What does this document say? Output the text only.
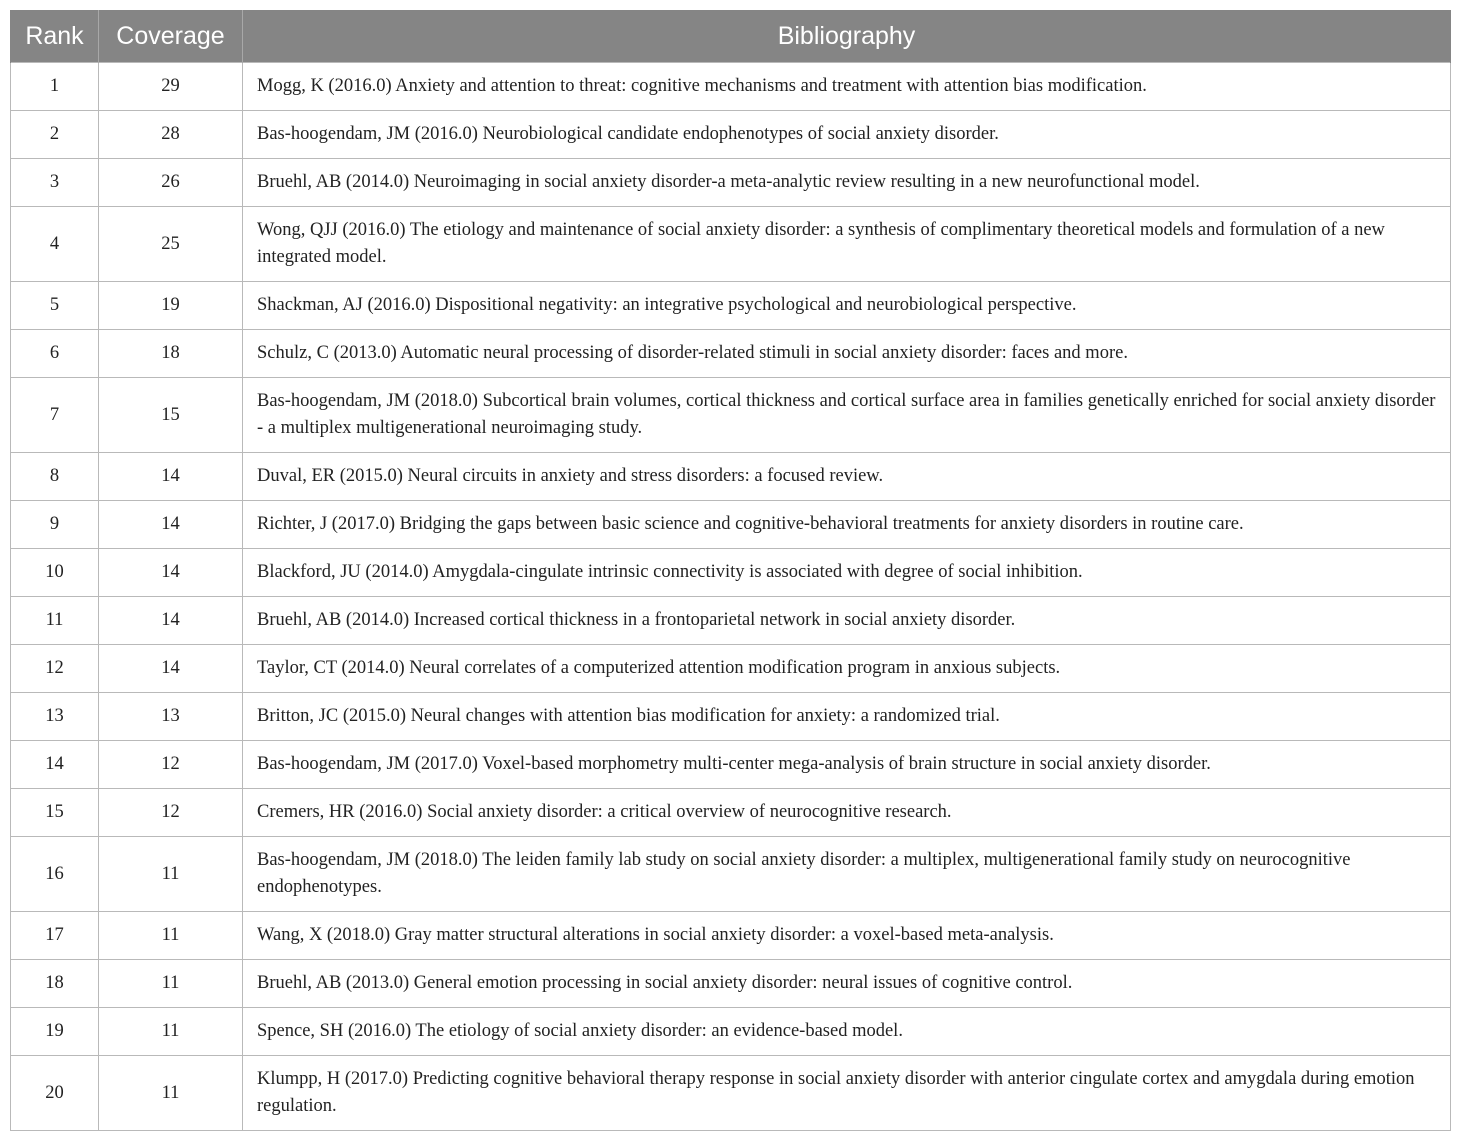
Rank	Coverage	Bibliography
1	29	Mogg, K (2016.0) Anxiety and attention to threat: cognitive mechanisms and treatment with attention bias modification.
2	28	Bas-hoogendam, JM (2016.0) Neurobiological candidate endophenotypes of social anxiety disorder.
3	26	Bruehl, AB (2014.0) Neuroimaging in social anxiety disorder-a meta-analytic review resulting in a new neurofunctional model.
4	25	Wong, QJJ (2016.0) The etiology and maintenance of social anxiety disorder: a synthesis of complimentary theoretical models and formulation of a new integrated model.
5	19	Shackman, AJ (2016.0) Dispositional negativity: an integrative psychological and neurobiological perspective.
6	18	Schulz, C (2013.0) Automatic neural processing of disorder-related stimuli in social anxiety disorder: faces and more.
7	15	Bas-hoogendam, JM (2018.0) Subcortical brain volumes, cortical thickness and cortical surface area in families genetically enriched for social anxiety disorder - a multiplex multigenerational neuroimaging study.
8	14	Duval, ER (2015.0) Neural circuits in anxiety and stress disorders: a focused review.
9	14	Richter, J (2017.0) Bridging the gaps between basic science and cognitive-behavioral treatments for anxiety disorders in routine care.
10	14	Blackford, JU (2014.0) Amygdala-cingulate intrinsic connectivity is associated with degree of social inhibition.
11	14	Bruehl, AB (2014.0) Increased cortical thickness in a frontoparietal network in social anxiety disorder.
12	14	Taylor, CT (2014.0) Neural correlates of a computerized attention modification program in anxious subjects.
13	13	Britton, JC (2015.0) Neural changes with attention bias modification for anxiety: a randomized trial.
14	12	Bas-hoogendam, JM (2017.0) Voxel-based morphometry multi-center mega-analysis of brain structure in social anxiety disorder.
15	12	Cremers, HR (2016.0) Social anxiety disorder: a critical overview of neurocognitive research.
16	11	Bas-hoogendam, JM (2018.0) The leiden family lab study on social anxiety disorder: a multiplex, multigenerational family study on neurocognitive endophenotypes.
17	11	Wang, X (2018.0) Gray matter structural alterations in social anxiety disorder: a voxel-based meta-analysis.
18	11	Bruehl, AB (2013.0) General emotion processing in social anxiety disorder: neural issues of cognitive control.
19	11	Spence, SH (2016.0) The etiology of social anxiety disorder: an evidence-based model.
20	11	Klumpp, H (2017.0) Predicting cognitive behavioral therapy response in social anxiety disorder with anterior cingulate cortex and amygdala during emotion regulation.
